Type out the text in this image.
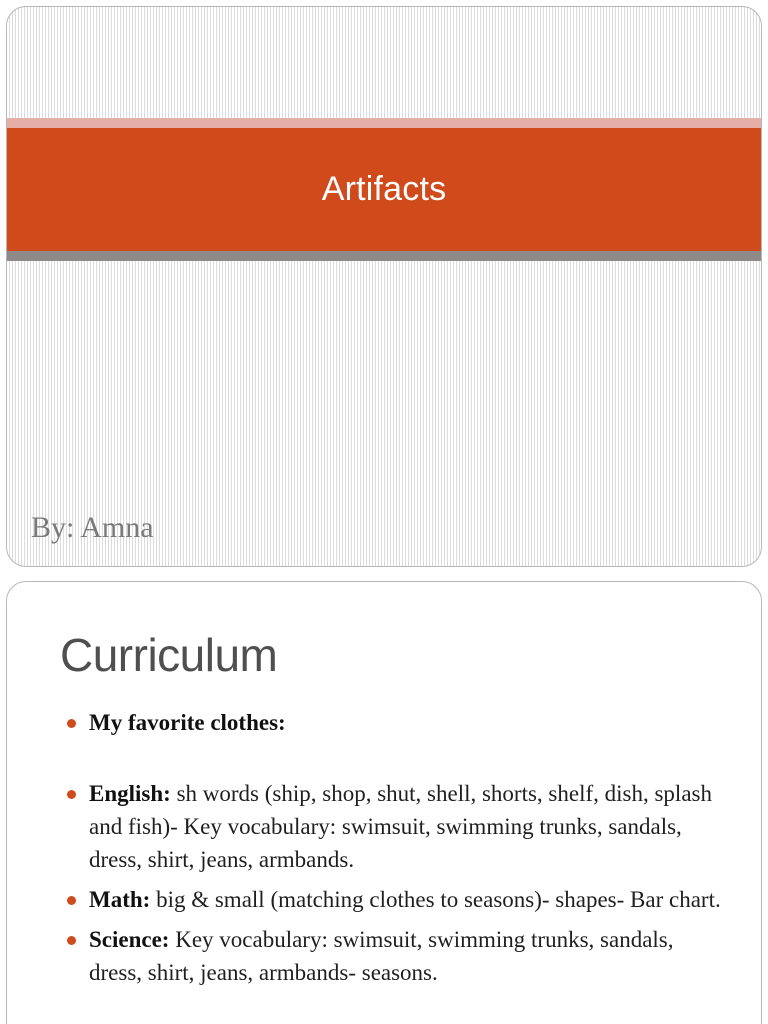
Artifacts
By: Amna
Curriculum
My favorite clothes:
English: sh words (ship, shop, shut, shell, shorts, shelf, dish, splash and fish)- Key vocabulary: swimsuit, swimming trunks, sandals, dress, shirt, jeans, armbands.
Math: big & small (matching clothes to seasons)- shapes- Bar chart.
Science: Key vocabulary: swimsuit, swimming trunks, sandals, dress, shirt, jeans, armbands- seasons.
